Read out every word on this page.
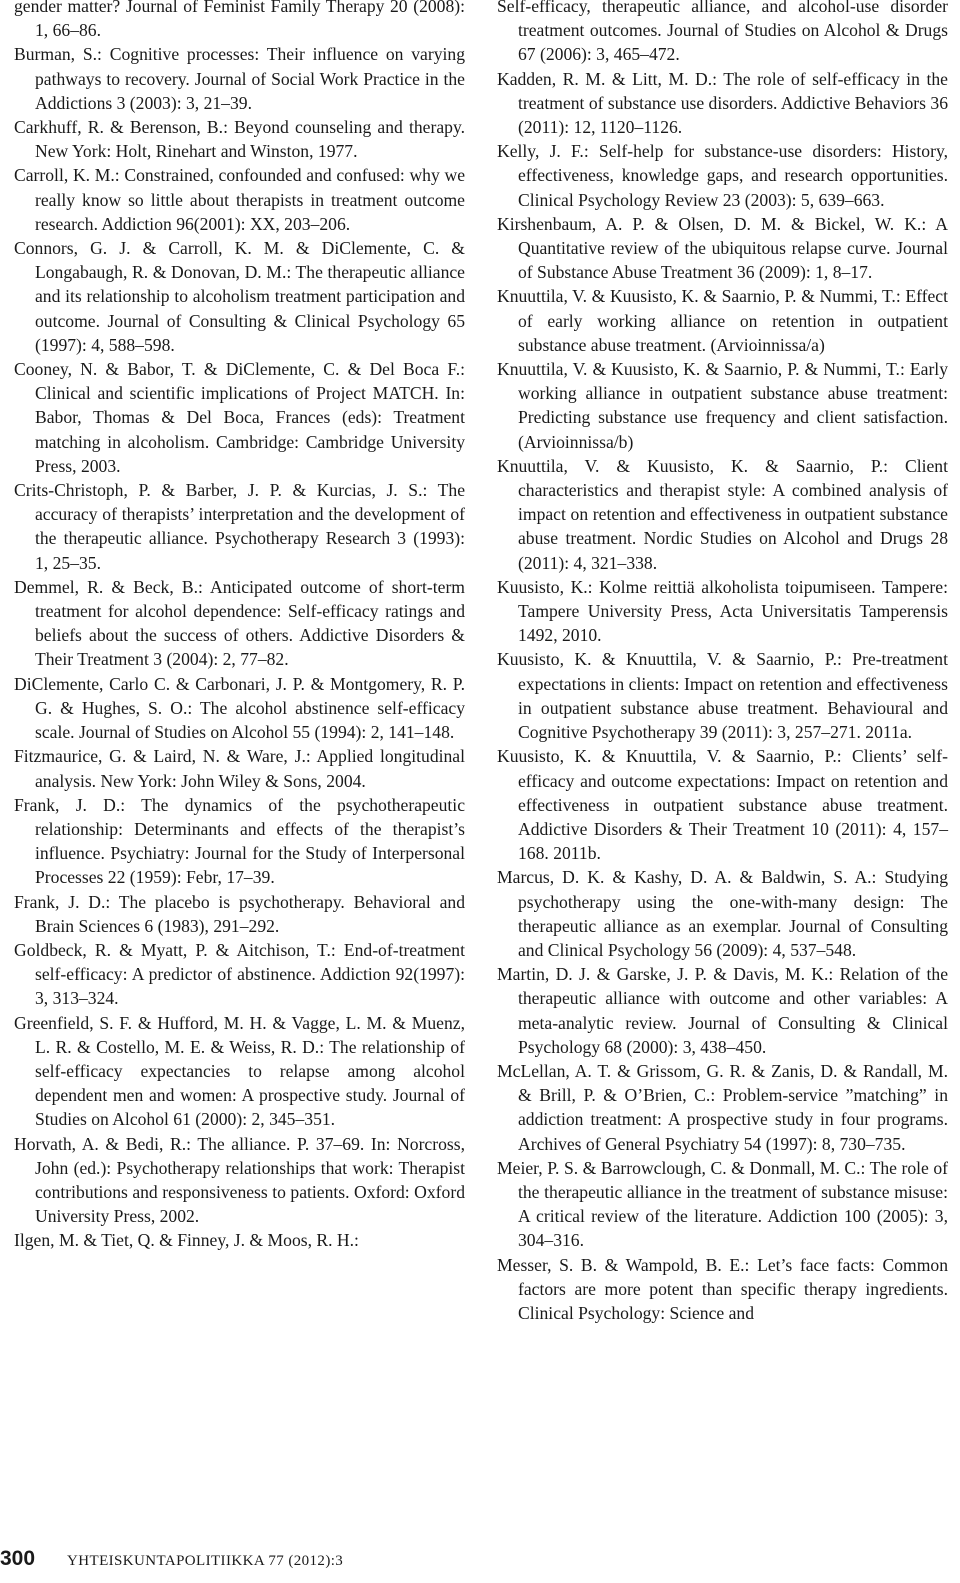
gender matter? Journal of Feminist Family Therapy 20 (2008): 1, 66–86.

Burman, S.: Cognitive processes: Their influence on varying pathways to recovery. Journal of Social Work Practice in the Addictions 3 (2003): 3, 21–39.

Carkhuff, R. & Berenson, B.: Beyond counseling and therapy. New York: Holt, Rinehart and Winston, 1977.

Carroll, K. M.: Constrained, confounded and confused: why we really know so little about therapists in treatment outcome research. Addiction 96(2001): XX, 203–206.

Connors, G. J. & Carroll, K. M. & DiClemente, C. & Longabaugh, R. & Donovan, D. M.: The therapeutic alliance and its relationship to alcoholism treatment participation and outcome. Journal of Consulting & Clinical Psychology 65 (1997): 4, 588–598.

Cooney, N. & Babor, T. & DiClemente, C. & Del Boca F.: Clinical and scientific implications of Project MATCH. In: Babor, Thomas & Del Boca, Frances (eds): Treatment matching in alcoholism. Cambridge: Cambridge University Press, 2003.

Crits-Christoph, P. & Barber, J. P. & Kurcias, J. S.: The accuracy of therapists’ interpretation and the development of the therapeutic alliance. Psychotherapy Research 3 (1993): 1, 25–35.

Demmel, R. & Beck, B.: Anticipated outcome of short-term treatment for alcohol dependence: Self-efficacy ratings and beliefs about the success of others. Addictive Disorders & Their Treatment 3 (2004): 2, 77–82.

DiClemente, Carlo C. & Carbonari, J. P. & Montgomery, R. P. G. & Hughes, S. O.: The alcohol abstinence self-efficacy scale. Journal of Studies on Alcohol 55 (1994): 2, 141–148.

Fitzmaurice, G. & Laird, N. & Ware, J.: Applied longitudinal analysis. New York: John Wiley & Sons, 2004.

Frank, J. D.: The dynamics of the psychotherapeutic relationship: Determinants and effects of the therapist’s influence. Psychiatry: Journal for the Study of Interpersonal Processes 22 (1959): Febr, 17–39.

Frank, J. D.: The placebo is psychotherapy. Behavioral and Brain Sciences 6 (1983), 291–292.

Goldbeck, R. & Myatt, P. & Aitchison, T.: End-of-treatment self-efficacy: A predictor of abstinence. Addiction 92(1997): 3, 313–324.

Greenfield, S. F. & Hufford, M. H. & Vagge, L. M. & Muenz, L. R. & Costello, M. E. & Weiss, R. D.: The relationship of self-efficacy expectancies to relapse among alcohol dependent men and women: A prospective study. Journal of Studies on Alcohol 61 (2000): 2, 345–351.

Horvath, A. & Bedi, R.: The alliance. P. 37–69. In: Norcross, John (ed.): Psychotherapy relationships that work: Therapist contributions and responsiveness to patients. Oxford: Oxford University Press, 2002.

Ilgen, M. & Tiet, Q. & Finney, J. & Moos, R. H.:

Self-efficacy, therapeutic alliance, and alcohol-use disorder treatment outcomes. Journal of Studies on Alcohol & Drugs 67 (2006): 3, 465–472.

Kadden, R. M. & Litt, M. D.: The role of self-efficacy in the treatment of substance use disorders. Addictive Behaviors 36 (2011): 12, 1120–1126.

Kelly, J. F.: Self-help for substance-use disorders: History, effectiveness, knowledge gaps, and research opportunities. Clinical Psychology Review 23 (2003): 5, 639–663.

Kirshenbaum, A. P. & Olsen, D. M. & Bickel, W. K.: A Quantitative review of the ubiquitous relapse curve. Journal of Substance Abuse Treatment 36 (2009): 1, 8–17.

Knuuttila, V. & Kuusisto, K. & Saarnio, P. & Nummi, T.: Effect of early working alliance on retention in outpatient substance abuse treatment. (Arvioinnissa/a)

Knuuttila, V. & Kuusisto, K. & Saarnio, P. & Nummi, T.: Early working alliance in outpatient substance abuse treatment: Predicting substance use frequency and client satisfaction. (Arvioinnissa/b)

Knuuttila, V. & Kuusisto, K. & Saarnio, P.: Client characteristics and therapist style: A combined analysis of impact on retention and effectiveness in outpatient substance abuse treatment. Nordic Studies on Alcohol and Drugs 28 (2011): 4, 321–338.

Kuusisto, K.: Kolme reittiä alkoholista toipumiseen. Tampere: Tampere University Press, Acta Universitatis Tamperensis 1492, 2010.

Kuusisto, K. & Knuuttila, V. & Saarnio, P.: Pre-treatment expectations in clients: Impact on retention and effectiveness in outpatient substance abuse treatment. Behavioural and Cognitive Psychotherapy 39 (2011): 3, 257–271. 2011a.

Kuusisto, K. & Knuuttila, V. & Saarnio, P.: Clients’ self-efficacy and outcome expectations: Impact on retention and effectiveness in outpatient substance abuse treatment. Addictive Disorders & Their Treatment 10 (2011): 4, 157–168. 2011b.

Marcus, D. K. & Kashy, D. A. & Baldwin, S. A.: Studying psychotherapy using the one-with-many design: The therapeutic alliance as an exemplar. Journal of Consulting and Clinical Psychology 56 (2009): 4, 537–548.

Martin, D. J. & Garske, J. P. & Davis, M. K.: Relation of the therapeutic alliance with outcome and other variables: A meta-analytic review. Journal of Consulting & Clinical Psychology 68 (2000): 3, 438–450.

McLellan, A. T. & Grissom, G. R. & Zanis, D. & Randall, M. & Brill, P. & O’Brien, C.: Problem-service ”matching” in addiction treatment: A prospective study in four programs. Archives of General Psychiatry 54 (1997): 8, 730–735.

Meier, P. S. & Barrowclough, C. & Donmall, M. C.: The role of the therapeutic alliance in the treatment of substance misuse: A critical review of the literature. Addiction 100 (2005): 3, 304–316.

Messer, S. B. & Wampold, B. E.: Let’s face facts: Common factors are more potent than specific therapy ingredients. Clinical Psychology: Science and

300 YHTEISKUNTAPOLITIIKKA 77 (2012):3
